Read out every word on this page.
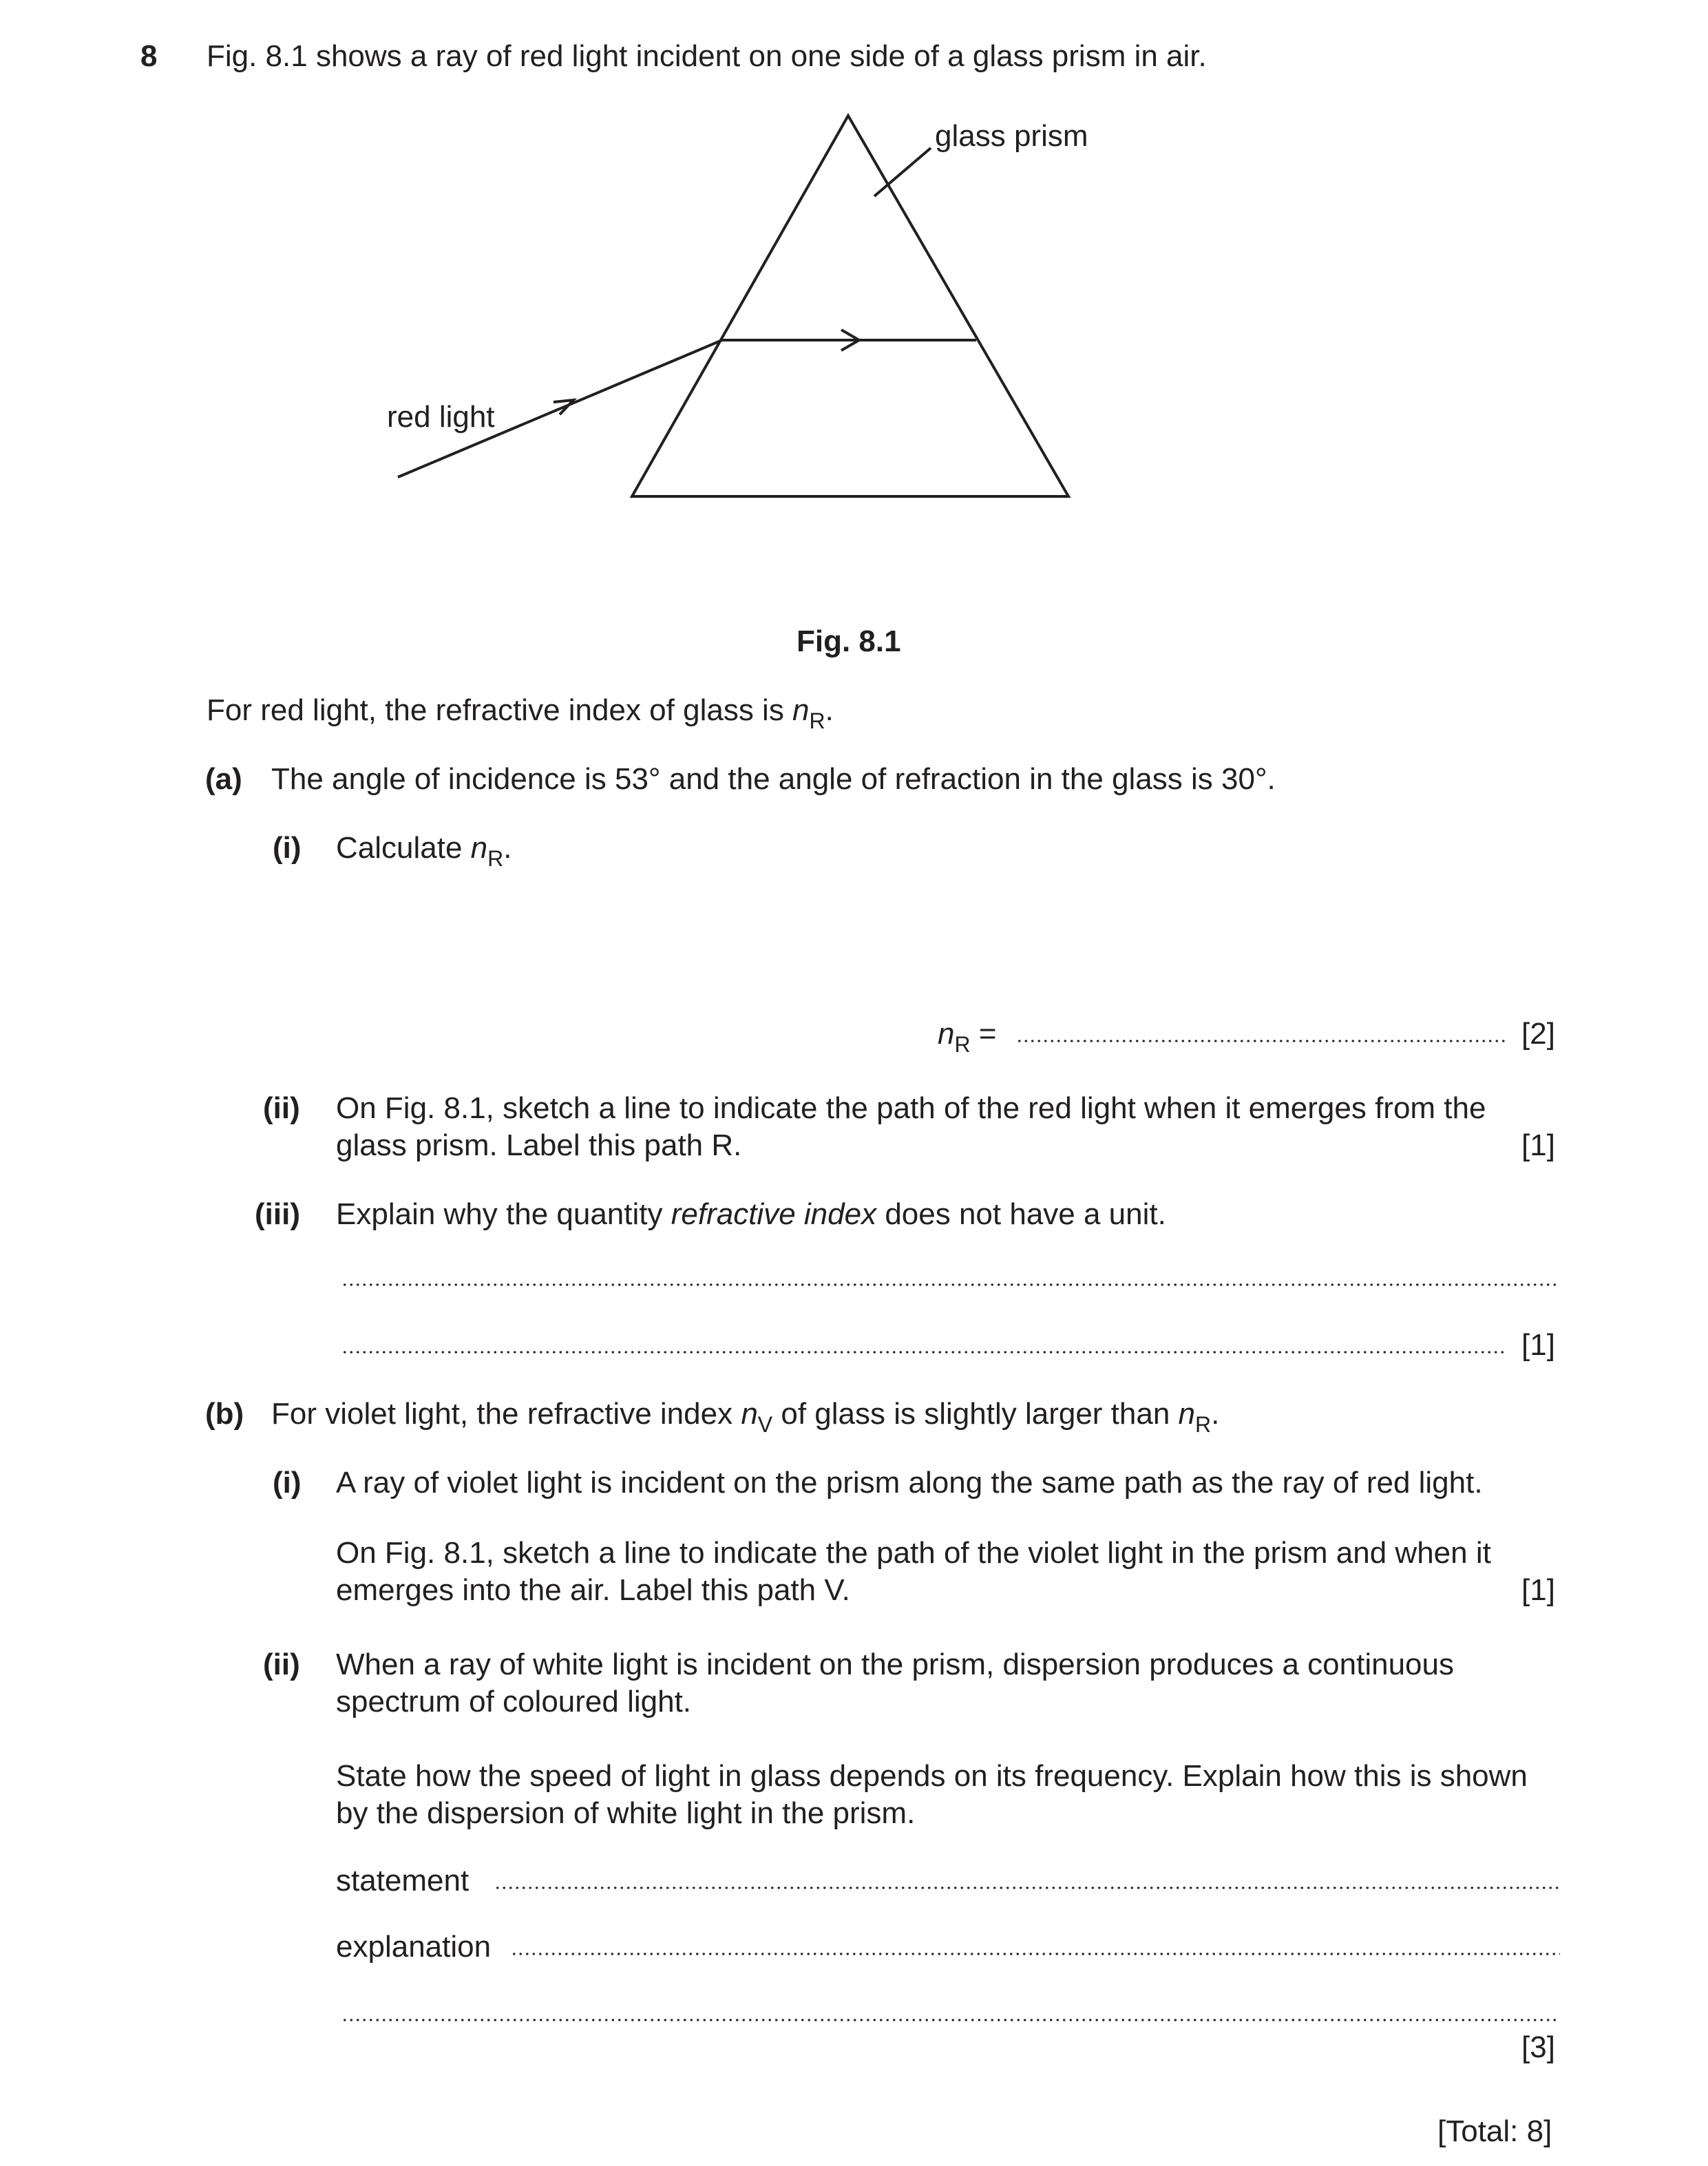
8 Fig. 8.1 shows a ray of red light incident on one side of a glass prism in air.
glass prism
red light
Fig. 8.1
For red light, the refractive index of glass is $n_R$.
(a) The angle of incidence is 53° and the angle of refraction in the glass is 30°.
(i) Calculate $n_R$.
$n_R$ =	[2]
(ii) On Fig. 8.1, sketch a line to indicate the path of the red light when it emerges from the
glass prism. Label this path R.	[1]
(iii) Explain why the quantity refractive index does not have a unit.
[1]
(b) For violet light, the refractive index $n_V$ of glass is slightly larger than $n_R$.
(i) A ray of violet light is incident on the prism along the same path as the ray of red light.
On Fig. 8.1, sketch a line to indicate the path of the violet light in the prism and when it
emerges into the air. Label this path V.	[1]
(ii) When a ray of white light is incident on the prism, dispersion produces a continuous
spectrum of coloured light.
State how the speed of light in glass depends on its frequency. Explain how this is shown
by the dispersion of white light in the prism.
statement
explanation
[3]
[Total: 8]
